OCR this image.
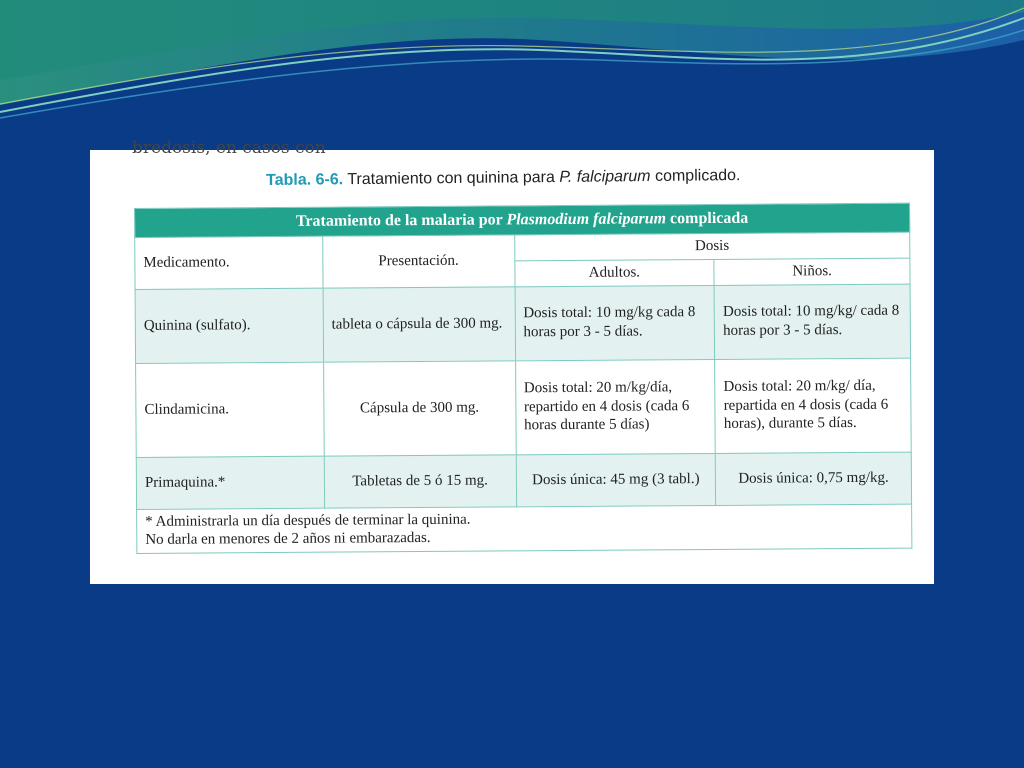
bredosis, en casos con
Tabla. 6-6. Tratamiento con quinina para P. falciparum complicado.
Tratamiento de la malaria por Plasmodium falciparum complicada			
Medicamento.	Presentación.	Dosis	
		Adultos.	Niños.
Quinina (sulfato).	tableta o cápsula de 300 mg.	Dosis total: 10 mg/kg cada 8 horas por 3 - 5 días.	Dosis total: 10 mg/kg/ cada 8 horas por 3 - 5 días.
Clindamicina.	Cápsula de 300 mg.	Dosis total: 20 m/kg/día, repartido en 4 dosis (cada 6 horas durante 5 días)	Dosis total: 20 m/kg/ día, repartida en 4 dosis (cada 6 horas), durante 5 días.
Primaquina.*	Tabletas de 5 ó 15 mg.	Dosis única: 45 mg (3 tabl.)	Dosis única: 0,75 mg/kg.

* Administrarla un día después de terminar la quinina.
No darla en menores de 2 años ni embarazadas.			
